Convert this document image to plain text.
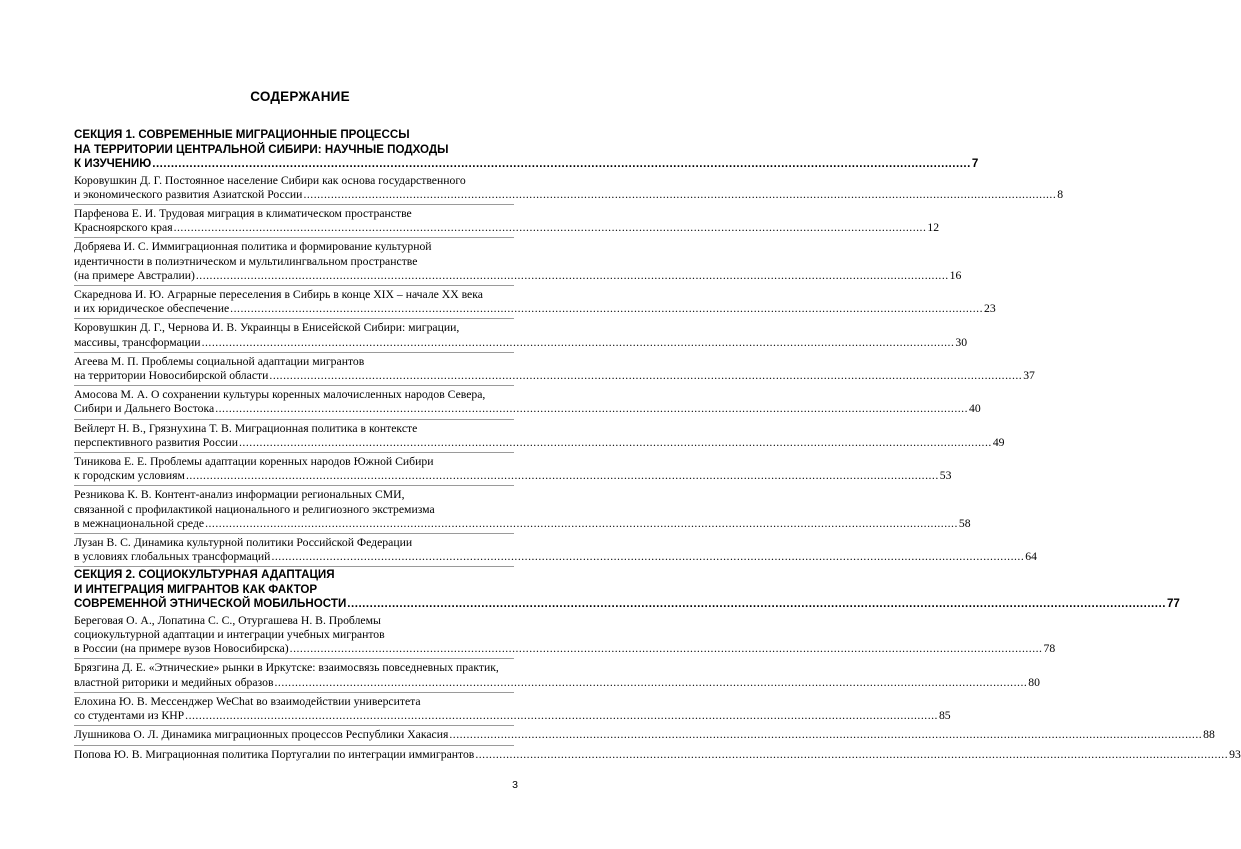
СОДЕРЖАНИЕ
СЕКЦИЯ 1. СОВРЕМЕННЫЕ МИГРАЦИОННЫЕ ПРОЦЕССЫ
НА ТЕРРИТОРИИ ЦЕНТРАЛЬНОЙ СИБИРИ: НАУЧНЫЕ ПОДХОДЫ
К ИЗУЧЕНИЮ ............................................................................................................................................................................................................................ 7
Коровушкин Д. Г. Постоянное население Сибири как основа государственного
и экономического развития Азиатской России ............................................................................................................................................................................................................................ 8
Парфенова Е. И. Трудовая миграция в климатическом пространстве
Красноярского края ............................................................................................................................................................................................................................ 12
Добряева И. С. Иммиграционная политика и формирование культурной
идентичности в полиэтническом и мультилингвальном пространстве
(на примере Австралии) ............................................................................................................................................................................................................................ 16
Скареднова И. Ю. Аграрные переселения в Сибирь в конце XIX – начале XX века
и их юридическое обеспечение ............................................................................................................................................................................................................................ 23
Коровушкин Д. Г., Чернова И. В. Украинцы в Енисейской Сибири: миграции,
массивы, трансформации ............................................................................................................................................................................................................................ 30
Агеева М. П. Проблемы социальной адаптации мигрантов
на территории Новосибирской области ............................................................................................................................................................................................................................ 37
Амосова М. А. О сохранении культуры коренных малочисленных народов Севера,
Сибири и Дальнего Востока ............................................................................................................................................................................................................................ 40
Вейлерт Н. В., Грязнухина Т. В. Миграционная политика в контексте
перспективного развития России ............................................................................................................................................................................................................................ 49
Тиникова Е. Е. Проблемы адаптации коренных народов Южной Сибири
к городским условиям ............................................................................................................................................................................................................................ 53
Резникова К. В. Контент-анализ информации региональных СМИ,
связанной с профилактикой национального и религиозного экстремизма
в межнациональной среде ............................................................................................................................................................................................................................ 58
Лузан В. С. Динамика культурной политики Российской Федерации
в условиях глобальных трансформаций ............................................................................................................................................................................................................................ 64
СЕКЦИЯ 2. СОЦИОКУЛЬТУРНАЯ АДАПТАЦИЯ
И ИНТЕГРАЦИЯ МИГРАНТОВ КАК ФАКТОР
СОВРЕМЕННОЙ ЭТНИЧЕСКОЙ МОБИЛЬНОСТИ ............................................................................................................................................................................................................................ 77
Береговая О. А., Лопатина С. С., Отургашева Н. В. Проблемы
социокультурной адаптации и интеграции учебных мигрантов
в России (на примере вузов Новосибирска) ............................................................................................................................................................................................................................ 78
Брязгина Д. Е. «Этнические» рынки в Иркутске: взаимосвязь повседневных практик,
властной риторики и медийных образов ............................................................................................................................................................................................................................ 80
Елохина Ю. В. Мессенджер WeChat во взаимодействии университета
со студентами из КНР ............................................................................................................................................................................................................................ 85
Лушникова О. Л. Динамика миграционных процессов Республики Хакасия ............................................................................................................................................................................................................................ 88
Попова Ю. В. Миграционная политика Португалии по интеграции иммигрантов ............................................................................................................................................................................................................................ 93
3
